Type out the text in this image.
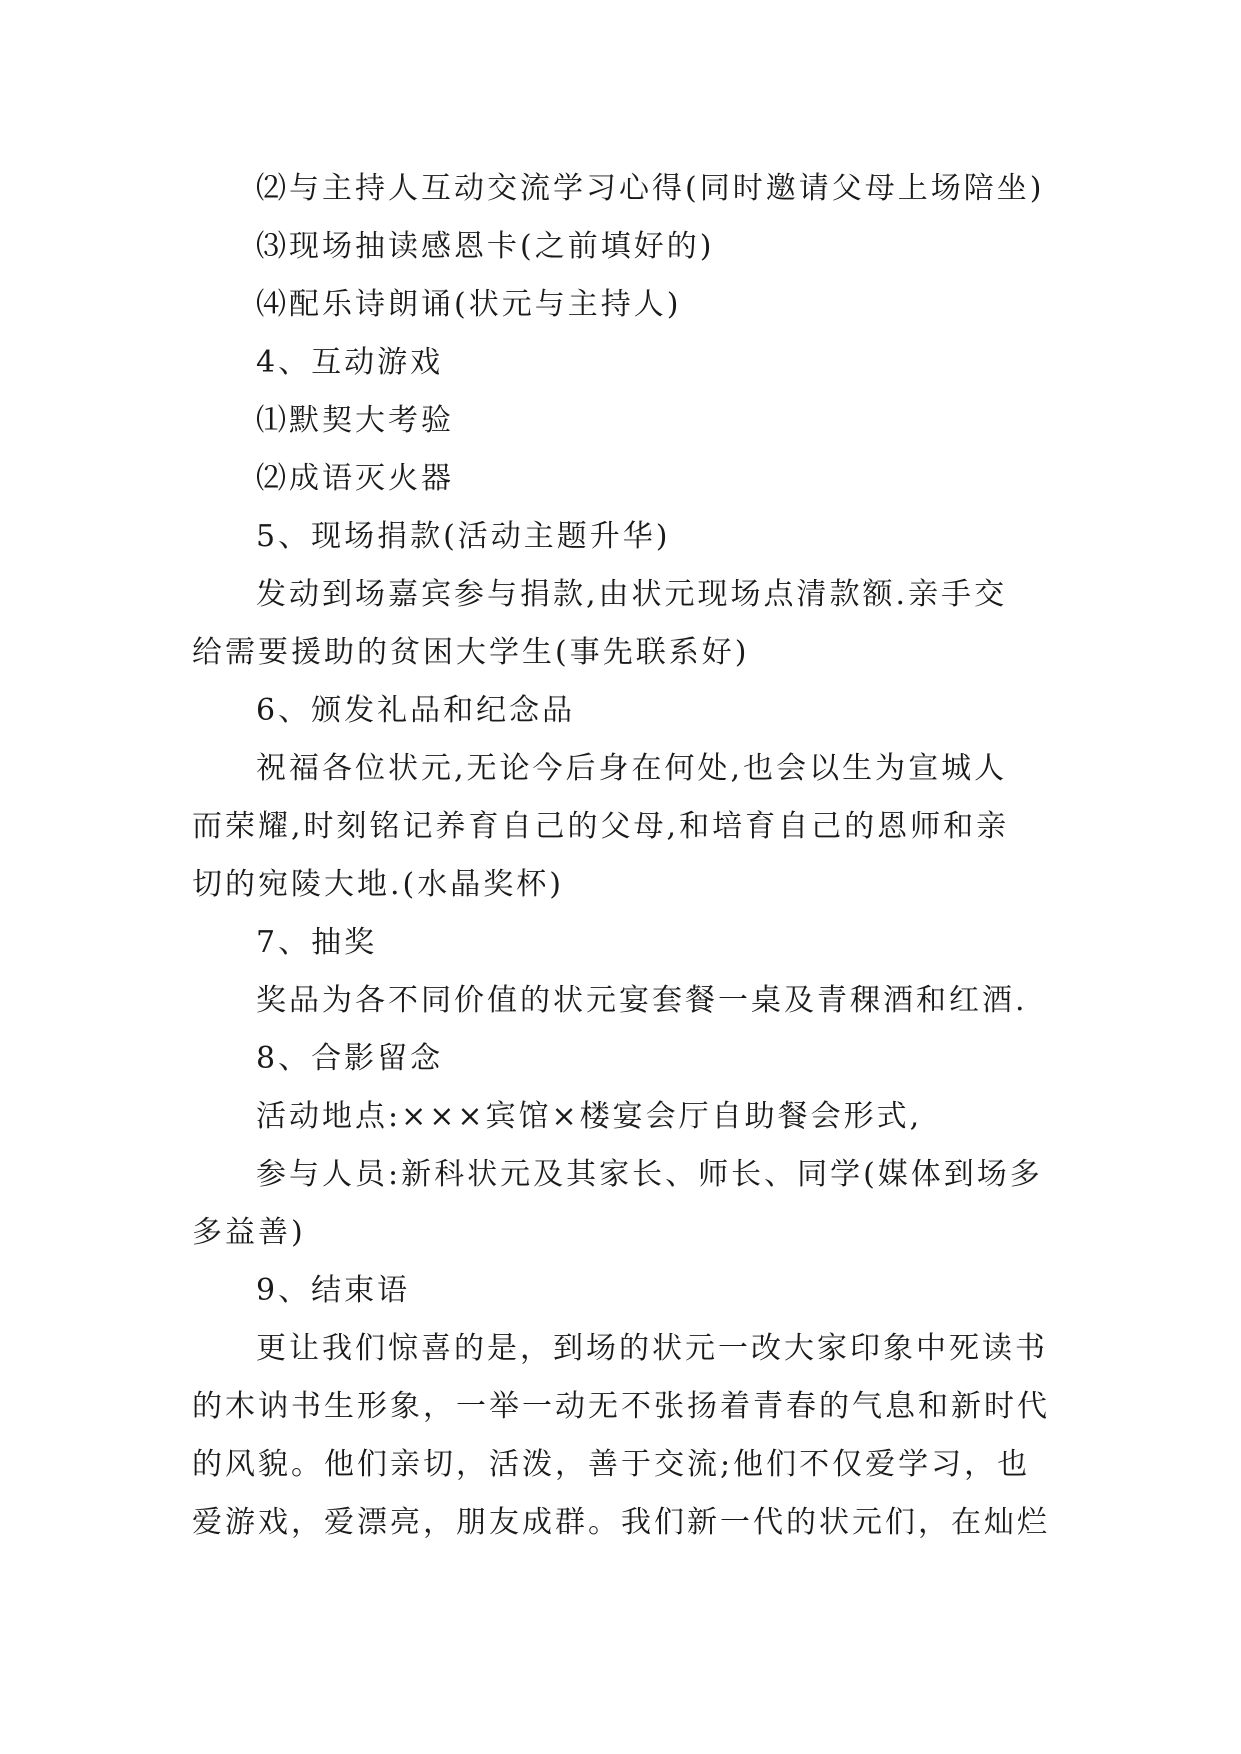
⑵与主持人互动交流学习心得(同时邀请父母上场陪坐)
⑶现场抽读感恩卡(之前填好的)
⑷配乐诗朗诵(状元与主持人)
4、互动游戏
⑴默契大考验
⑵成语灭火器
5、现场捐款(活动主题升华)
发动到场嘉宾参与捐款,由状元现场点清款额.亲手交
给需要援助的贫困大学生(事先联系好)
6、颁发礼品和纪念品
祝福各位状元,无论今后身在何处,也会以生为宣城人
而荣耀,时刻铭记养育自己的父母,和培育自己的恩师和亲
切的宛陵大地.(水晶奖杯)
7、抽奖
奖品为各不同价值的状元宴套餐一桌及青稞酒和红酒.
8、合影留念
活动地点:×××宾馆×楼宴会厅自助餐会形式,
参与人员:新科状元及其家长、师长、同学(媒体到场多
多益善)
9、结束语
更让我们惊喜的是，到场的状元一改大家印象中死读书
的木讷书生形象，一举一动无不张扬着青春的气息和新时代
的风貌。他们亲切，活泼，善于交流;他们不仅爱学习，也
爱游戏，爱漂亮，朋友成群。我们新一代的状元们，在灿烂
